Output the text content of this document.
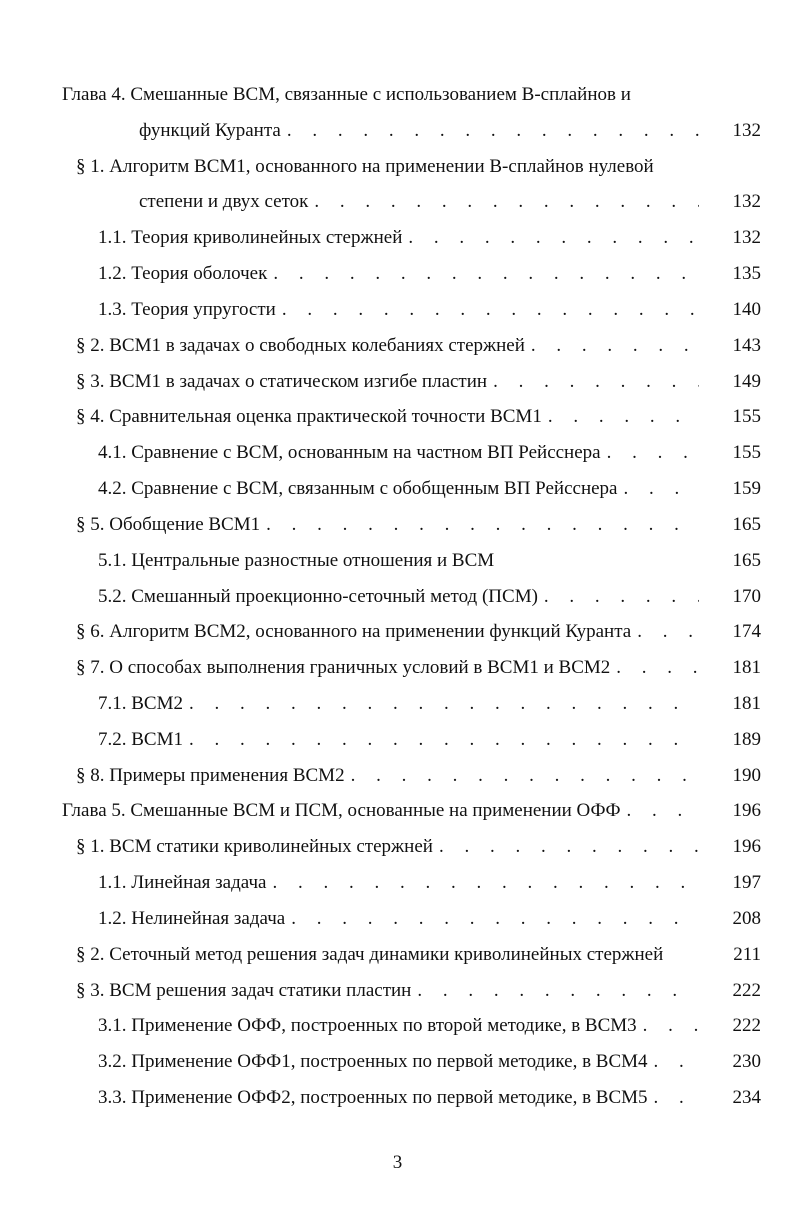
Глава 4. Смешанные ВСМ, связанные с использованием В-сплайнов и
функций Куранта . . .	132
§ 1. Алгоритм ВСМ1, основанного на применении В-сплайнов нулевой
степени и двух сеток . . .	132
1.1. Теория криволинейных стержней . . .	132
1.2. Теория оболочек . . .	135
1.3. Теория упругости . . .	140
§ 2. ВСМ1 в задачах о свободных колебаниях стержней . . .	143
§ 3. ВСМ1 в задачах о статическом изгибе пластин . . .	149
§ 4. Сравнительная оценка практической точности ВСМ1 . . .	155
4.1. Сравнение с ВСМ, основанным на частном ВП Рейсснера . . .	155
4.2. Сравнение с ВСМ, связанным с обобщенным ВП Рейсснера . . .	159
§ 5. Обобщение ВСМ1 . . .	165
5.1. Центральные разностные отношения и ВСМ	165
5.2. Смешанный проекционно-сеточный метод (ПСМ) . . .	170
§ 6. Алгоритм ВСМ2, основанного на применении функций Куранта . . .	174
§ 7. О способах выполнения граничных условий в ВСМ1 и ВСМ2 . . .	181
7.1. ВСМ2 . . .	181
7.2. ВСМ1 . . .	189
§ 8. Примеры применения ВСМ2 . . .	190
Глава 5. Смешанные ВСМ и ПСМ, основанные на применении ОФФ . . .	196
§ 1. ВСМ статики криволинейных стержней . . .	196
1.1. Линейная задача . . .	197
1.2. Нелинейная задача . . .	208
§ 2. Сеточный метод решения задач динамики криволинейных стержней	211
§ 3. ВСМ решения задач статики пластин . . .	222
3.1. Применение ОФФ, построенных по второй методике, в ВСМ3 . . .	222
3.2. Применение ОФФ1, построенных по первой методике, в ВСМ4 . . .	230
3.3. Применение ОФФ2, построенных по первой методике, в ВСМ5 . . .	234
3
